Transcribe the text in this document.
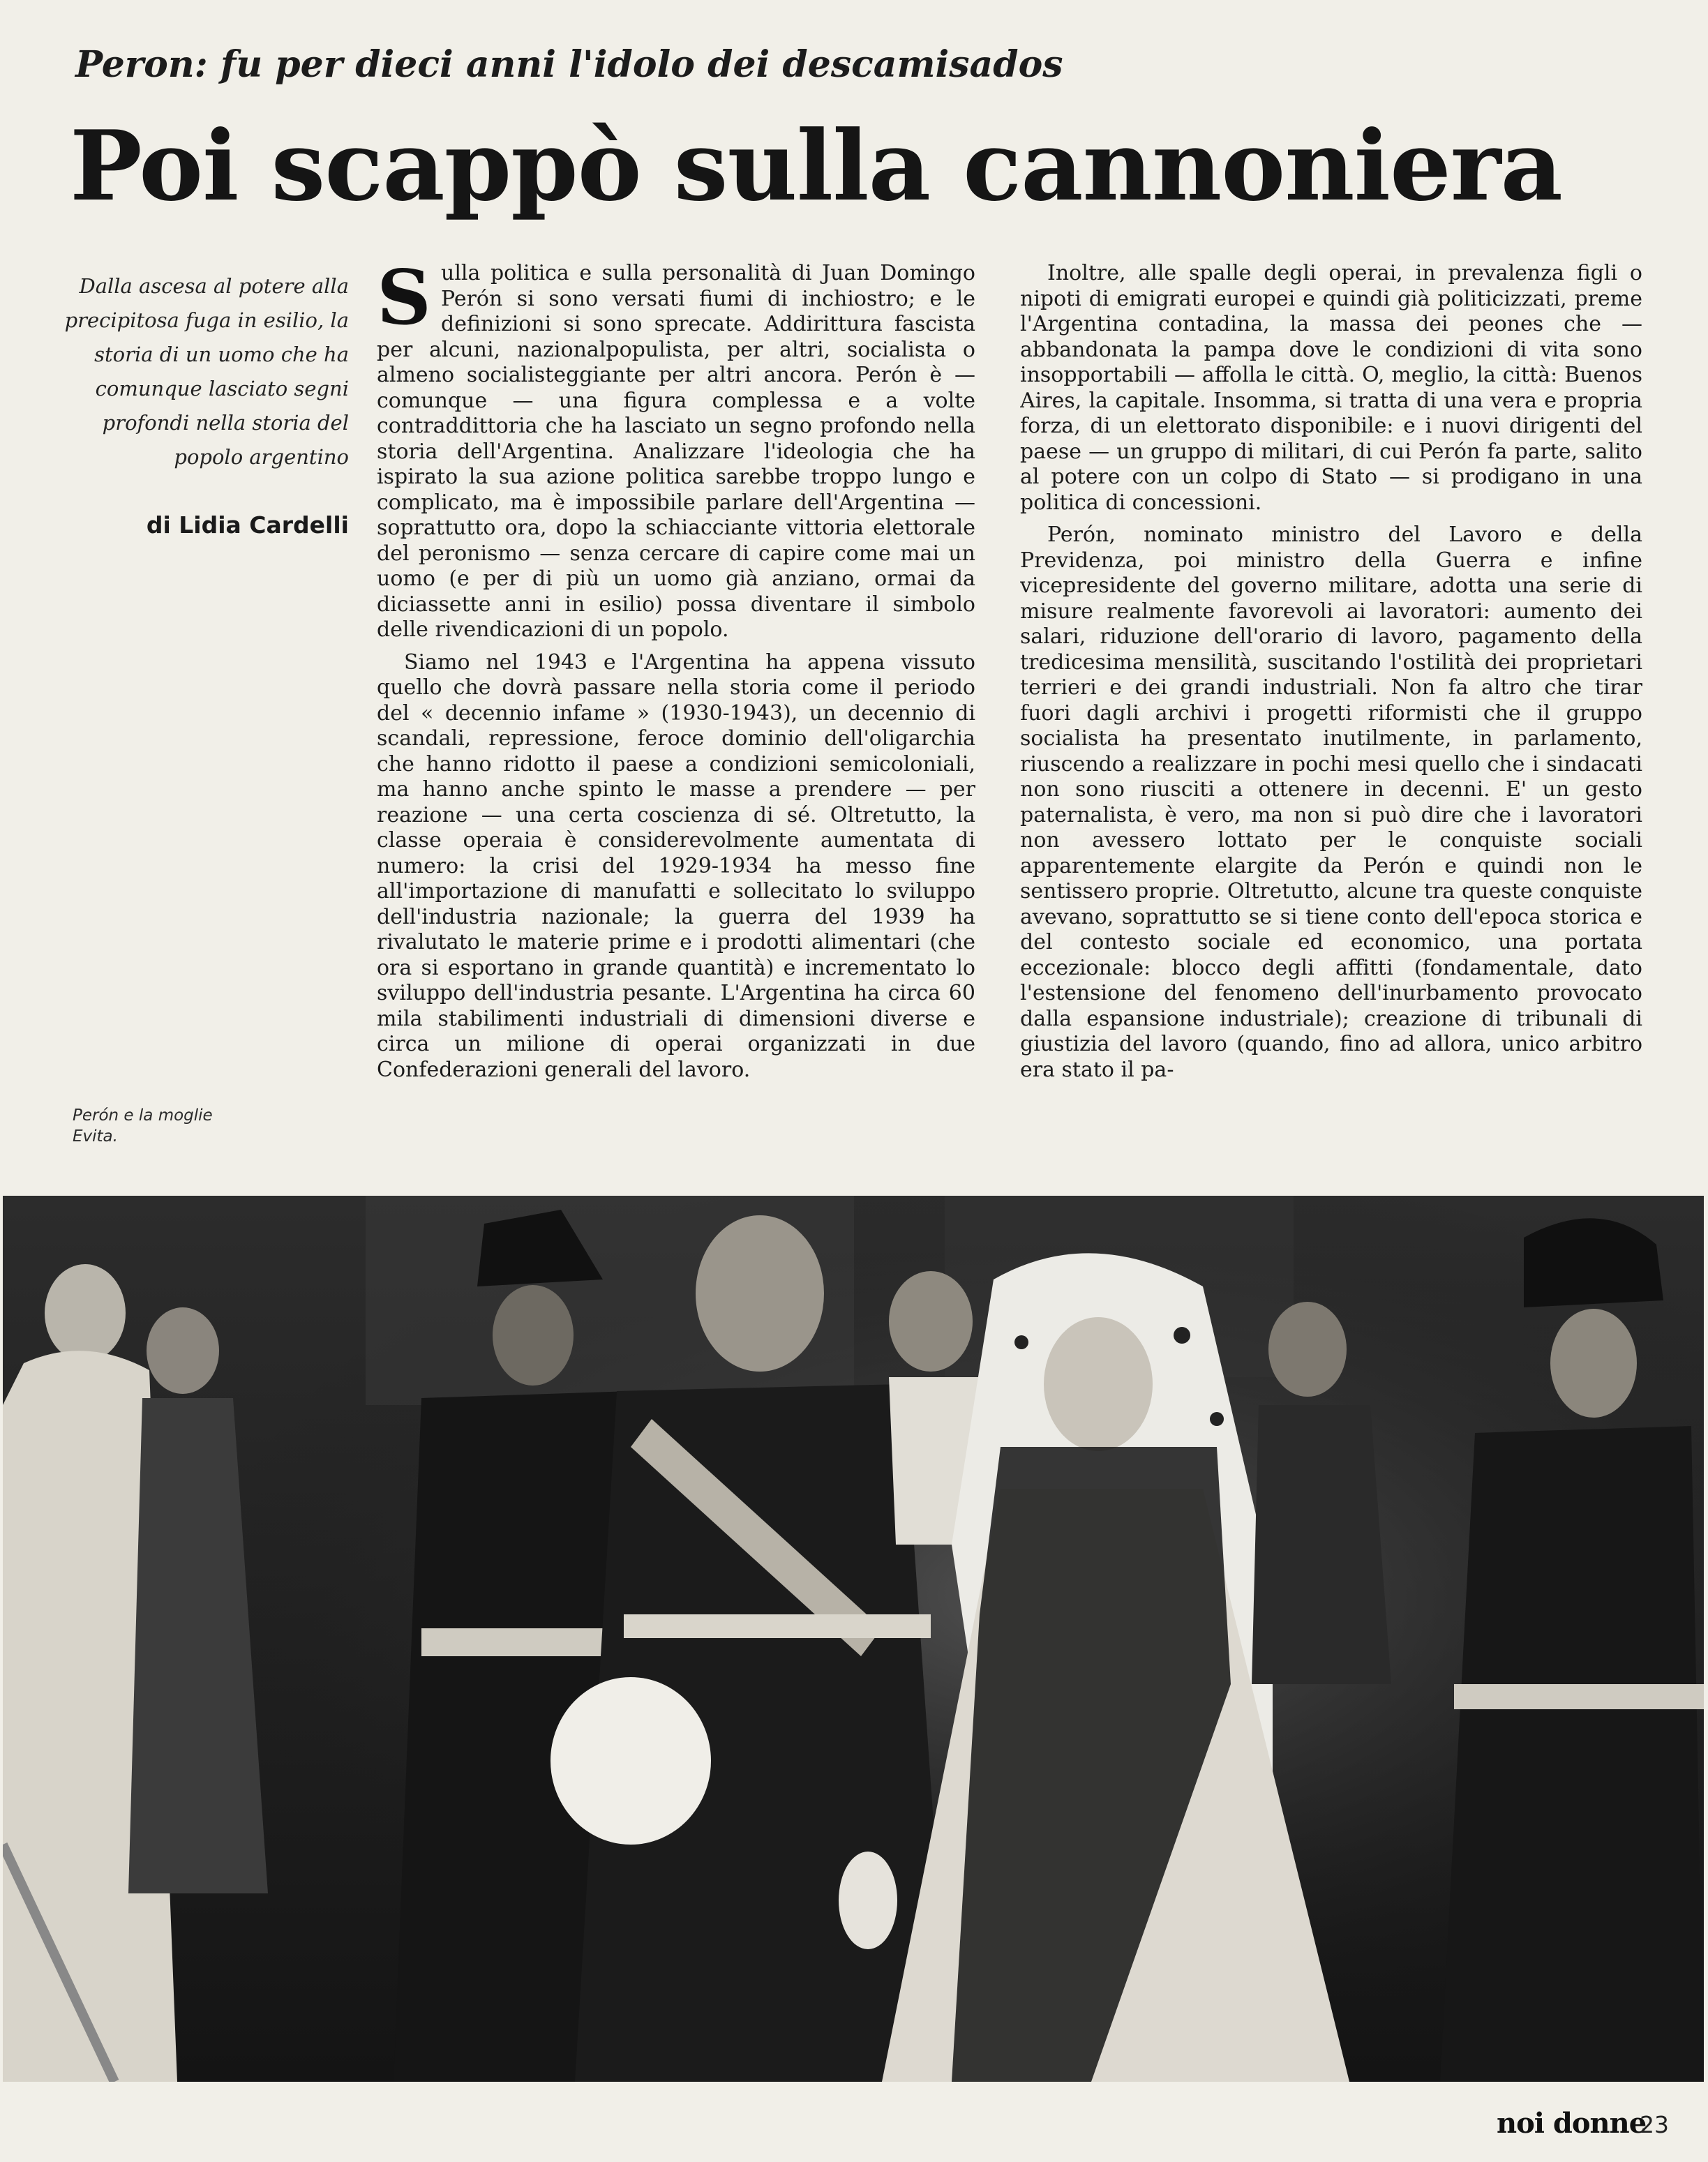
Peron: fu per dieci anni l'idolo dei descamisados
Poi scappò sulla cannoniera
Dalla ascesa al potere alla precipitosa fuga in esilio, la storia di un uomo che ha comunque lasciato segni profondi nella storia del popolo argentino
di Lidia Cardelli

Sulla politica e sulla personalità di Juan Domingo Perón si sono versati fiumi di inchiostro; e le definizioni si sono sprecate. Addirittura fascista per alcuni, nazionalpopulista, per altri, socialista o almeno socialisteggiante per altri ancora. Perón è — comunque — una figura complessa e a volte contraddittoria che ha lasciato un segno profondo nella storia dell'Argentina. Analizzare l'ideologia che ha ispirato la sua azione politica sarebbe troppo lungo e complicato, ma è impossibile parlare dell'Argentina — soprattutto ora, dopo la schiacciante vittoria elettorale del peronismo — senza cercare di capire come mai un uomo (e per di più un uomo già anziano, ormai da diciassette anni in esilio) possa diventare il simbolo delle rivendicazioni di un popolo.

Siamo nel 1943 e l'Argentina ha appena vissuto quello che dovrà passare nella storia come il periodo del « decennio infame » (1930-1943), un decennio di scandali, repressione, feroce dominio dell'oligarchia che hanno ridotto il paese a condizioni semicoloniali, ma hanno anche spinto le masse a prendere — per reazione — una certa coscienza di sé. Oltretutto, la classe operaia è considerevolmente aumentata di numero: la crisi del 1929-1934 ha messo fine all'importazione di manufatti e sollecitato lo sviluppo dell'industria nazionale; la guerra del 1939 ha rivalutato le materie prime e i prodotti alimentari (che ora si esportano in grande quantità) e incrementato lo sviluppo dell'industria pesante. L'Argentina ha circa 60 mila stabilimenti industriali di dimensioni diverse e circa un milione di operai organizzati in due Confederazioni generali del lavoro.

Inoltre, alle spalle degli operai, in prevalenza figli o nipoti di emigrati europei e quindi già politicizzati, preme l'Argentina contadina, la massa dei peones che — abbandonata la pampa dove le condizioni di vita sono insopportabili — affolla le città. O, meglio, la città: Buenos Aires, la capitale. Insomma, si tratta di una vera e propria forza, di un elettorato disponibile: e i nuovi dirigenti del paese — un gruppo di militari, di cui Perón fa parte, salito al potere con un colpo di Stato — si prodigano in una politica di concessioni.

Perón, nominato ministro del Lavoro e della Previdenza, poi ministro della Guerra e infine vicepresidente del governo militare, adotta una serie di misure realmente favorevoli ai lavoratori: aumento dei salari, riduzione dell'orario di lavoro, pagamento della tredicesima mensilità, suscitando l'ostilità dei proprietari terrieri e dei grandi industriali. Non fa altro che tirar fuori dagli archivi i progetti riformisti che il gruppo socialista ha presentato inutilmente, in parlamento, riuscendo a realizzare in pochi mesi quello che i sindacati non sono riusciti a ottenere in decenni. E' un gesto paternalista, è vero, ma non si può dire che i lavoratori non avessero lottato per le conquiste sociali apparentemente elargite da Perón e quindi non le sentissero proprie. Oltretutto, alcune tra queste conquiste avevano, soprattutto se si tiene conto dell'epoca storica e del contesto sociale ed economico, una portata eccezionale: blocco degli affitti (fondamentale, dato l'estensione del fenomeno dell'inurbamento provocato dalla espansione industriale); creazione di tribunali di giustizia del lavoro (quando, fino ad allora, unico arbitro era stato il pa-

Perón e la moglie Evita.
noi donne
23
